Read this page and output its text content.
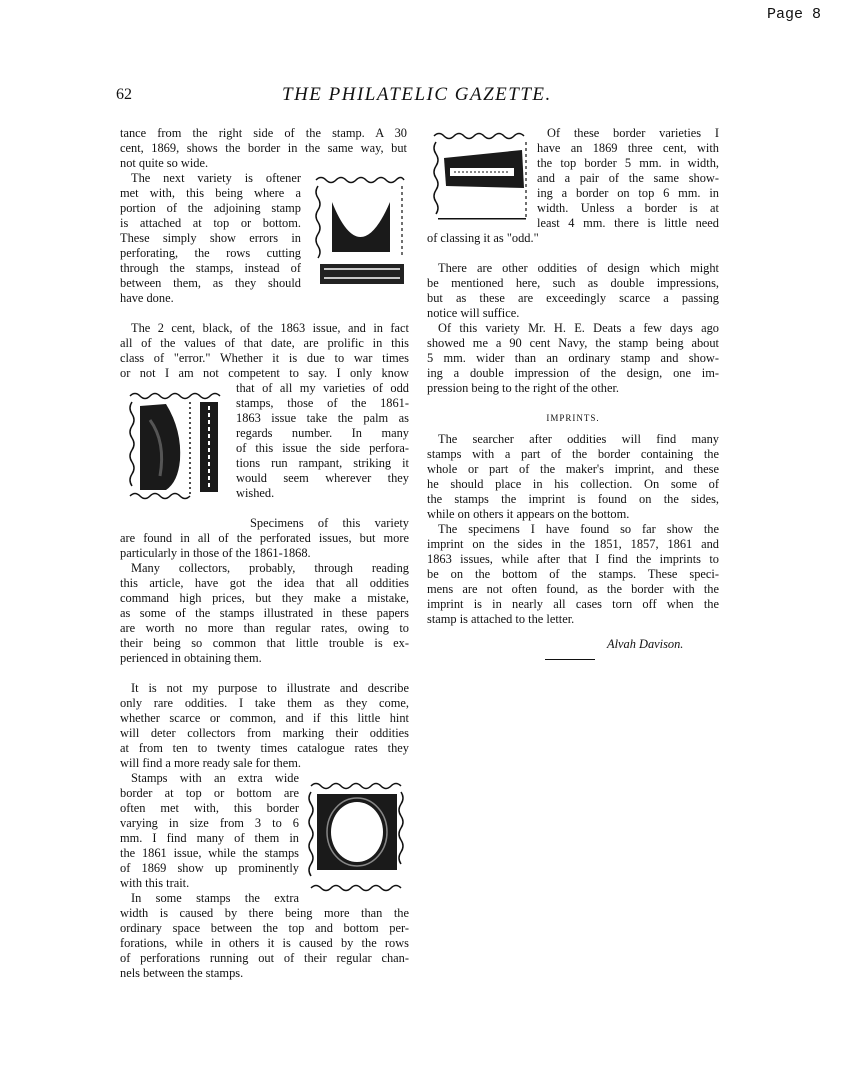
Page 8
62	THE PHILATELIC GAZETTE.
tance from the right side of the stamp. A 30
cent, 1869, shows the border in the same way, but
not quite so wide.
The next variety is oftener
met with, this being where a
portion of the adjoining stamp
is attached at top or bottom.
These simply show errors in
perforating, the rows cutting
through the stamps, instead of
between them, as they should
have done.
The 2 cent, black, of the 1863 issue, and in fact
all of the values of that date, are prolific in this
class of "error." Whether it is due to war times
or not I am not competent to say. I only know
that of all my varieties of odd
stamps, those of the 1861-
1863 issue take the palm as
regards number. In many
of this issue the side perfora-
tions run rampant, striking it
would seem wherever they
wished.
Specimens of this variety
are found in all of the perforated issues, but more
particularly in those of the 1861-1868.
Many collectors, probably, through reading
this article, have got the idea that all oddities
command high prices, but they make a mistake,
as some of the stamps illustrated in these papers
are worth no more than regular rates, owing to
their being so common that little trouble is ex-
perienced in obtaining them.
It is not my purpose to illustrate and describe
only rare oddities. I take them as they come,
whether scarce or common, and if this little hint
will deter collectors from marking their oddities
at from ten to twenty times catalogue rates they
will find a more ready sale for them.
Stamps with an extra wide
border at top or bottom are
often met with, this border
varying in size from 3 to 6
mm. I find many of them in
the 1861 issue, while the stamps
of 1869 show up prominently
with this trait.
In some stamps the extra
width is caused by there being more than the
ordinary space between the top and bottom per-
forations, while in others it is caused by the rows
of perforations running out of their regular chan-
nels between the stamps.
Of these border varieties I
have an 1869 three cent, with
the top border 5 mm. in width,
and a pair of the same show-
ing a border on top 6 mm. in
width. Unless a border is at
least 4 mm. there is little need
of classing it as "odd."
There are other oddities of design which might
be mentioned here, such as double impressions,
but as these are exceedingly scarce a passing
notice will suffice.
Of this variety Mr. H. E. Deats a few days ago
showed me a 90 cent Navy, the stamp being about
5 mm. wider than an ordinary stamp and show-
ing a double impression of the design, one im-
pression being to the right of the other.
IMPRINTS.
The searcher after oddities will find many
stamps with a part of the border containing the
whole or part of the maker's imprint, and these
he should place in his collection. On some of
the stamps the imprint is found on the sides,
while on others it appears on the bottom.
The specimens I have found so far show the
imprint on the sides in the 1851, 1857, 1861 and
1863 issues, while after that I find the imprints to
be on the bottom of the stamps. These speci-
mens are not often found, as the border with the
imprint is in nearly all cases torn off when the
stamp is attached to the letter.
Alvah Davison.
